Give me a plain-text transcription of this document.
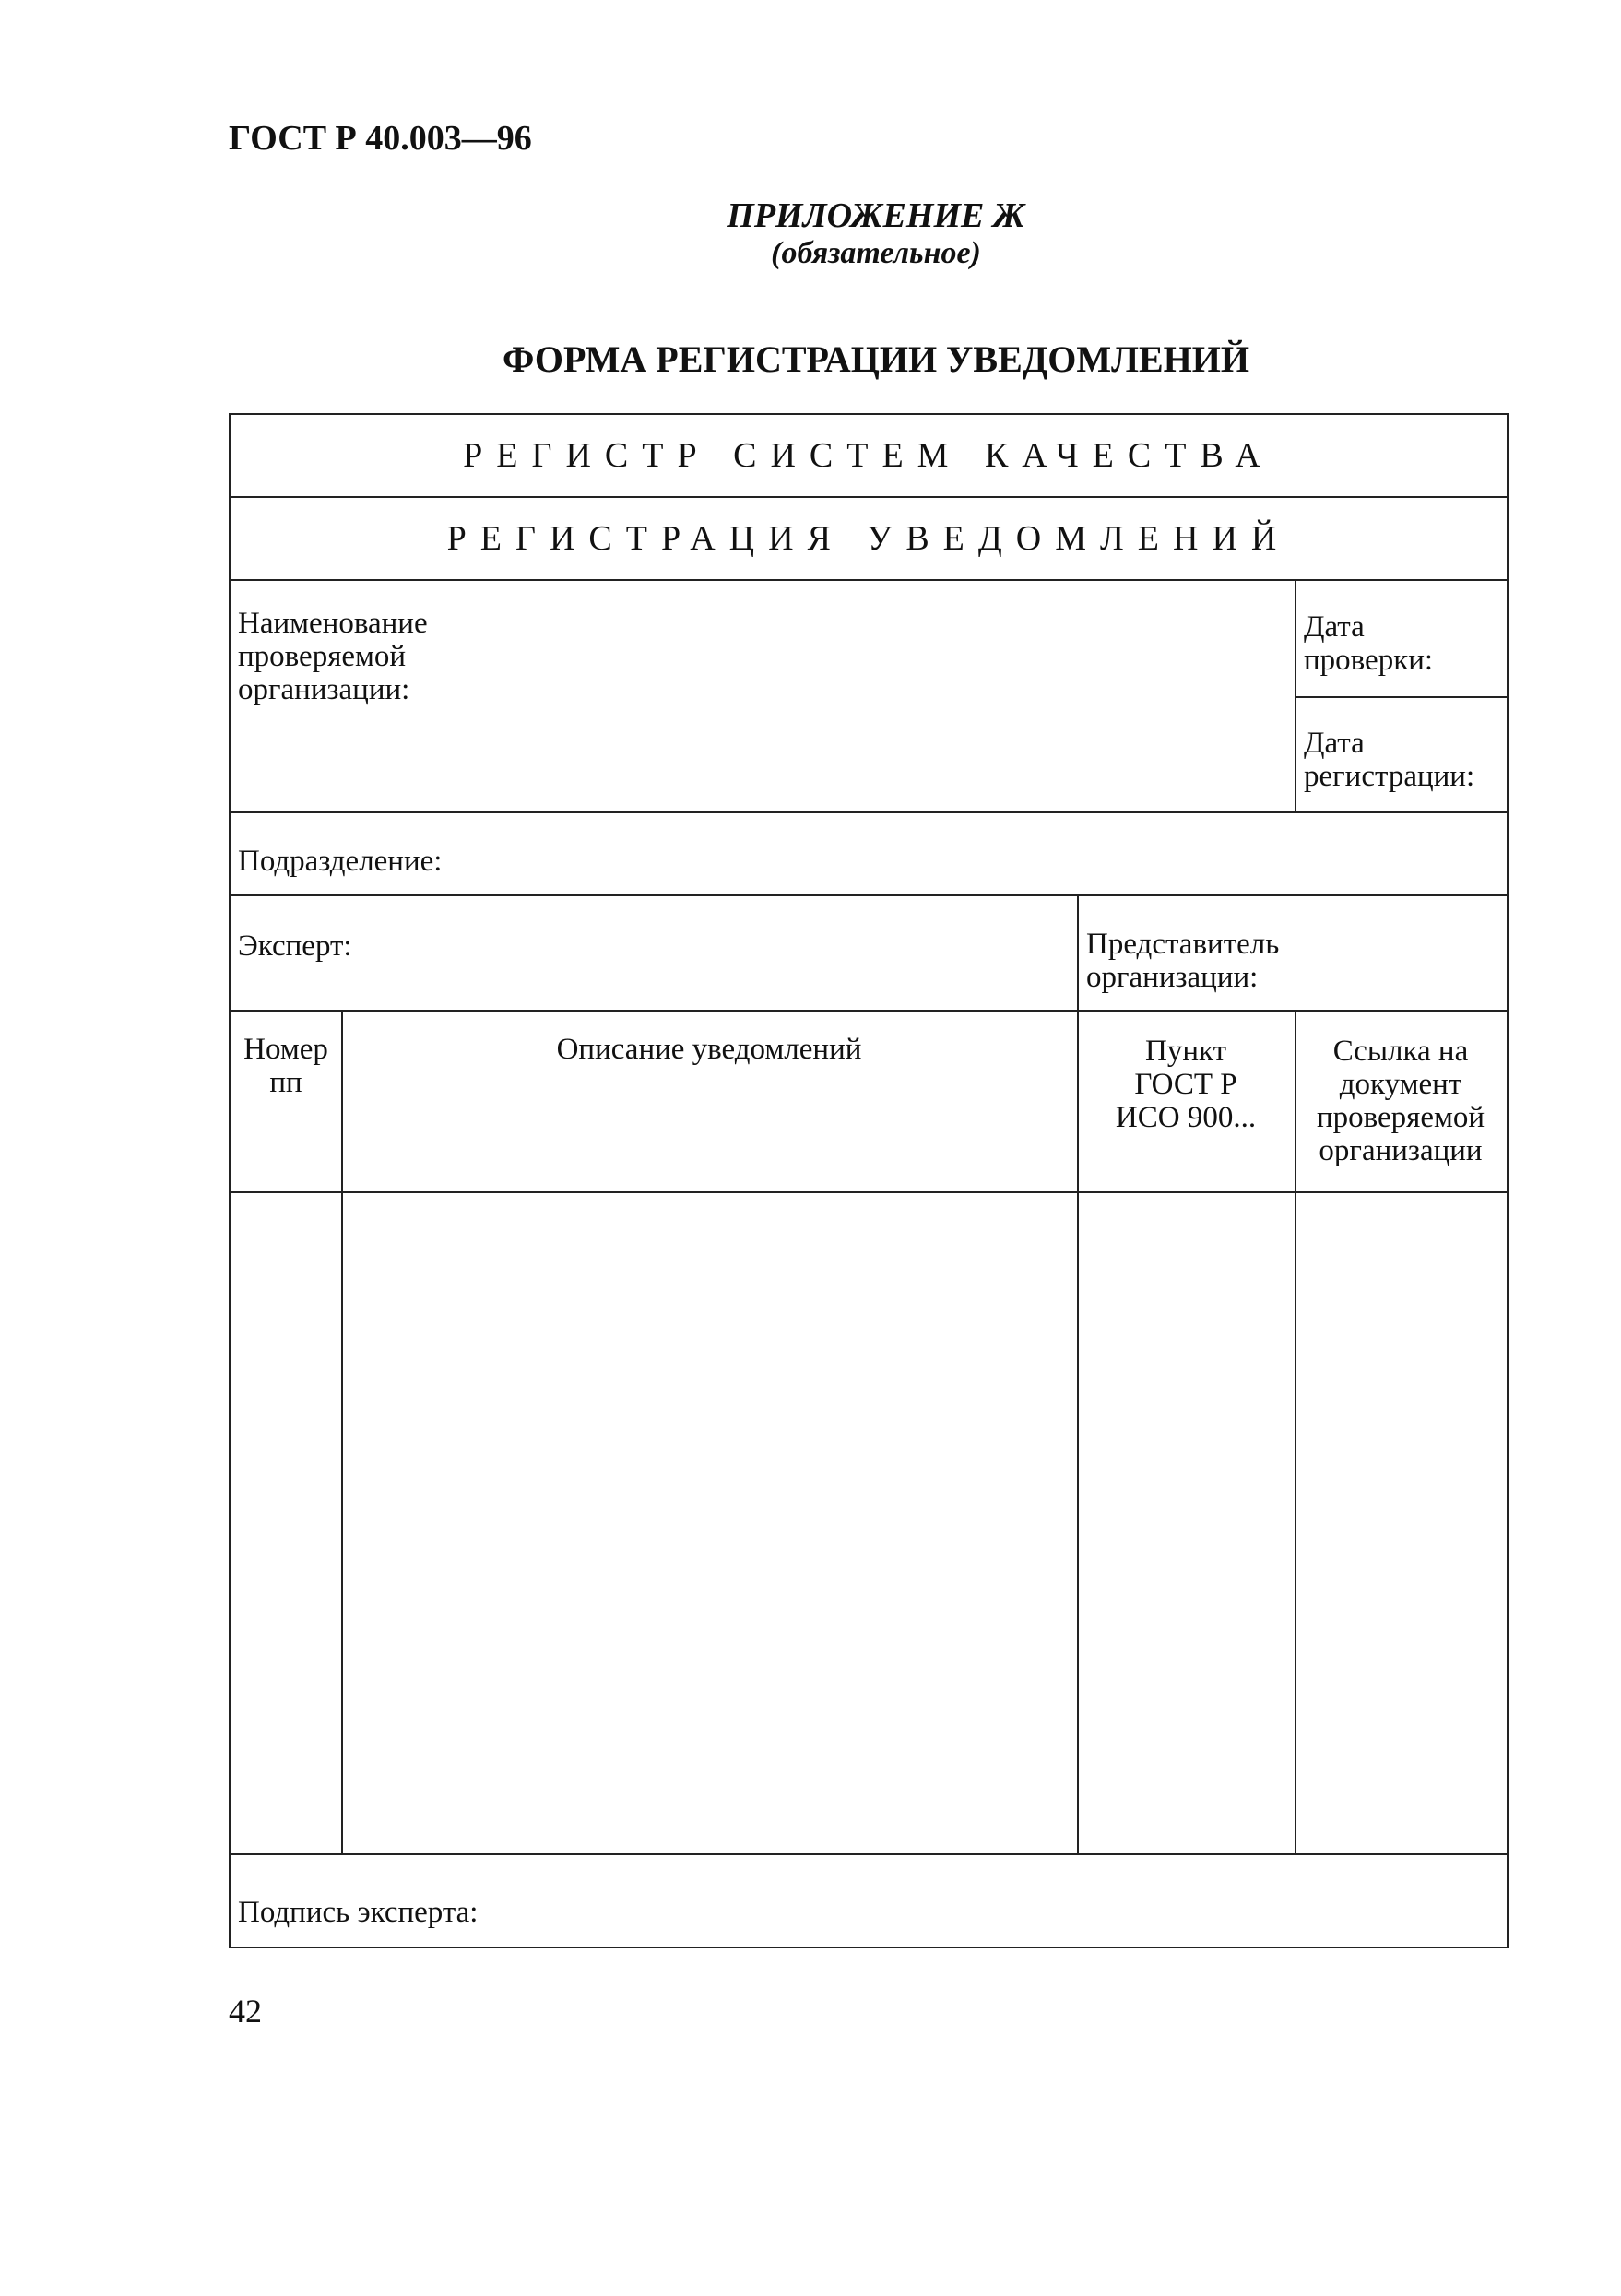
ГОСТ Р 40.003—96
ПРИЛОЖЕНИЕ Ж
(обязательное)
ФОРМА РЕГИСТРАЦИИ УВЕДОМЛЕНИЙ
РЕГИСТР СИСТЕМ КАЧЕСТВА
РЕГИСТРАЦИЯ УВЕДОМЛЕНИЙ
Наименование
проверяемой
организации:
Дата
проверки:
Дата
регистрации:
Подразделение:
Эксперт:	Представитель
организации:
Номер
пп
Описание уведомлений	Пункт
ГОСТ Р
ИСО 900...
Ссылка на
документ
проверяемой
организации
Подпись эксперта:
42
